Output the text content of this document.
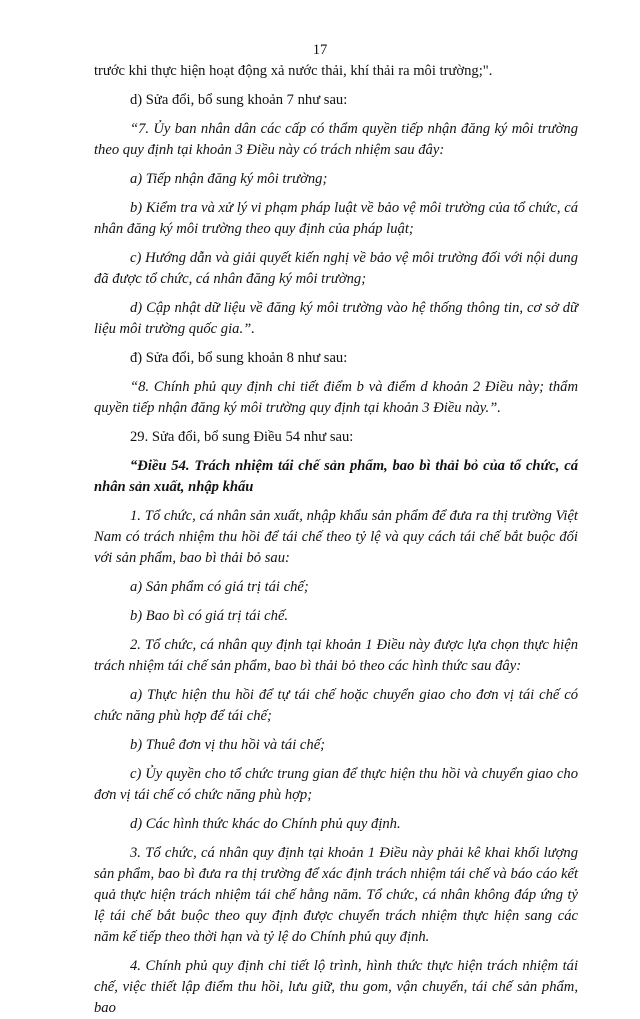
17

trước khi thực hiện hoạt động xả nước thải, khí thải ra môi trường;".

d) Sửa đổi, bổ sung khoản 7 như sau:

“7. Ủy ban nhân dân các cấp có thẩm quyền tiếp nhận đăng ký môi trường theo quy định tại khoản 3 Điều này có trách nhiệm sau đây:

a) Tiếp nhận đăng ký môi trường;

b) Kiểm tra và xử lý vi phạm pháp luật về bảo vệ môi trường của tổ chức, cá nhân đăng ký môi trường theo quy định của pháp luật;

c) Hướng dẫn và giải quyết kiến nghị về bảo vệ môi trường đối với nội dung đã được tổ chức, cá nhân đăng ký môi trường;

d) Cập nhật dữ liệu về đăng ký môi trường vào hệ thống thông tin, cơ sở dữ liệu môi trường quốc gia.”.

đ) Sửa đổi, bổ sung khoản 8 như sau:

“8. Chính phủ quy định chi tiết điểm b và điểm d khoản 2 Điều này; thẩm quyền tiếp nhận đăng ký môi trường quy định tại khoản 3 Điều này.”.

29. Sửa đổi, bổ sung Điều 54 như sau:

“Điều 54. Trách nhiệm tái chế sản phẩm, bao bì thải bỏ của tổ chức, cá nhân sản xuất, nhập khẩu

1. Tổ chức, cá nhân sản xuất, nhập khẩu sản phẩm để đưa ra thị trường Việt Nam có trách nhiệm thu hồi để tái chế theo tỷ lệ và quy cách tái chế bắt buộc đối với sản phẩm, bao bì thải bỏ sau:

a) Sản phẩm có giá trị tái chế;

b) Bao bì có giá trị tái chế.

2. Tổ chức, cá nhân quy định tại khoản 1 Điều này được lựa chọn thực hiện trách nhiệm tái chế sản phẩm, bao bì thải bỏ theo các hình thức sau đây:

a) Thực hiện thu hồi để tự tái chế hoặc chuyển giao cho đơn vị tái chế có chức năng phù hợp để tái chế;

b) Thuê đơn vị thu hồi và tái chế;

c) Ủy quyền cho tổ chức trung gian để thực hiện thu hồi và chuyển giao cho đơn vị tái chế có chức năng phù hợp;

d) Các hình thức khác do Chính phủ quy định.

3. Tổ chức, cá nhân quy định tại khoản 1 Điều này phải kê khai khối lượng sản phẩm, bao bì đưa ra thị trường để xác định trách nhiệm tái chế và báo cáo kết quả thực hiện trách nhiệm tái chế hằng năm. Tổ chức, cá nhân không đáp ứng tỷ lệ tái chế bắt buộc theo quy định được chuyển trách nhiệm thực hiện sang các năm kế tiếp theo thời hạn và tỷ lệ do Chính phủ quy định.

4. Chính phủ quy định chi tiết lộ trình, hình thức thực hiện trách nhiệm tái chế, việc thiết lập điểm thu hồi, lưu giữ, thu gom, vận chuyển, tái chế sản phẩm, bao
